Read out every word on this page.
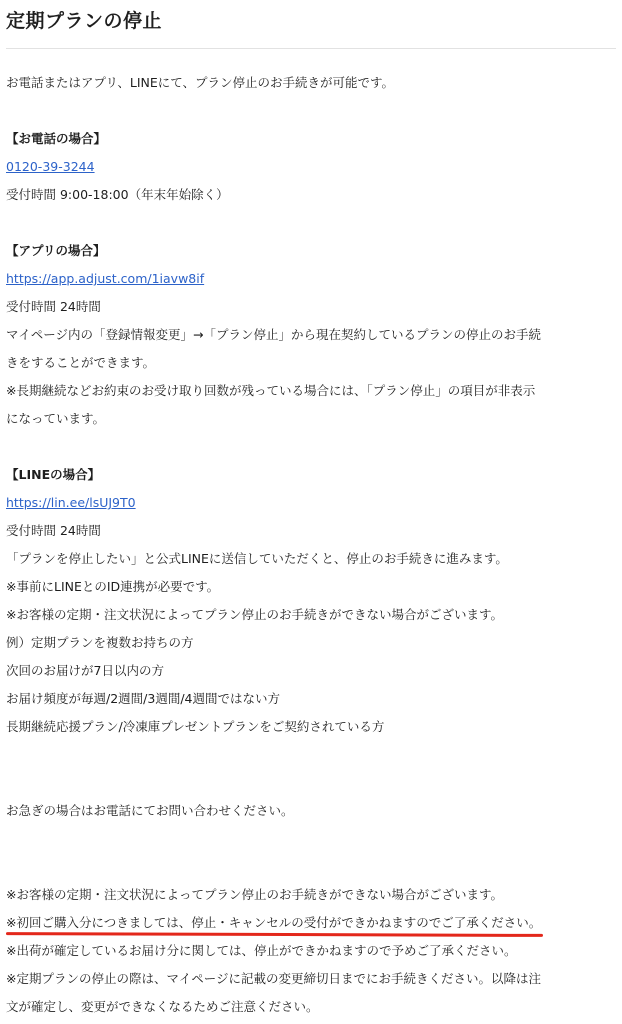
定期プランの停止

お電話またはアプリ、LINEにて、プラン停止のお手続きが可能です。

【お電話の場合】

0120-39-3244

受付時間 9:00-18:00（年末年始除く）

【アプリの場合】

https://app.adjust.com/1iavw8if

受付時間 24時間

マイページ内の「登録情報変更」→「プラン停止」から現在契約しているプランの停止のお手続

きをすることができます。

※長期継続などお約束のお受け取り回数が残っている場合には、「プラン停止」の項目が非表示

になっています。

【LINEの場合】

https://lin.ee/lsUJ9T0

受付時間 24時間

「プランを停止したい」と公式LINEに送信していただくと、停止のお手続きに進みます。

※事前にLINEとのID連携が必要です。

※お客様の定期・注文状況によってプラン停止のお手続きができない場合がございます。

例）定期プランを複数お持ちの方

次回のお届けが7日以内の方

お届け頻度が毎週/2週間/3週間/4週間ではない方

長期継続応援プラン/冷凍庫プレゼントプランをご契約されている方

お急ぎの場合はお電話にてお問い合わせください。

※お客様の定期・注文状況によってプラン停止のお手続きができない場合がございます。

※初回ご購入分につきましては、停止・キャンセルの受付ができかねますのでご了承ください。

※出荷が確定しているお届け分に関しては、停止ができかねますので予めご了承ください。

※定期プランの停止の際は、マイページに記載の変更締切日までにお手続きください。以降は注

文が確定し、変更ができなくなるためご注意ください。
